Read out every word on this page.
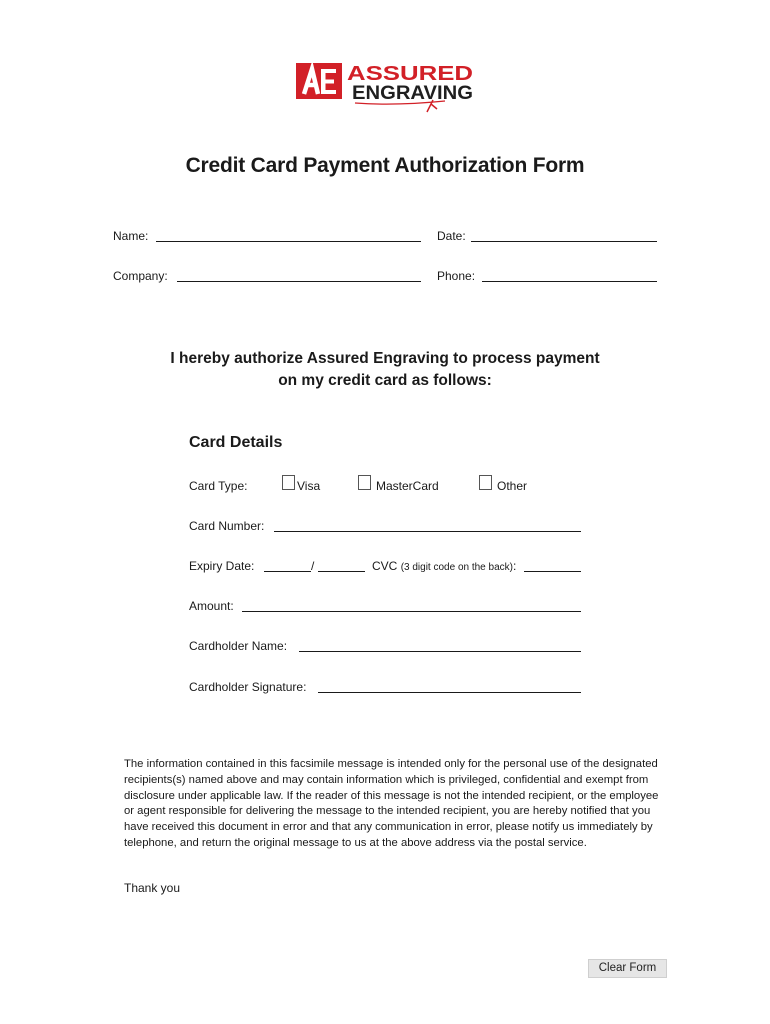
ASSURED
ENGRAVING
Credit Card Payment Authorization Form
Name:	Date:
Company:	Phone:
I hereby authorize Assured Engraving to process payment
on my credit card as follows:
Card Details
Card Type:	Visa	MasterCard	Other
Card Number:
Expiry Date:	/	CVC (3 digit code on the back):
Amount:
Cardholder Name:
Cardholder Signature:
The information contained in this facsimile message is intended only for the personal use of the designated recipients(s) named above and may contain information which is privileged, confidential and exempt from disclosure under applicable law. If the reader of this message is not the intended recipient, or the employee or agent responsible for delivering the message to the intended recipient, you are hereby notified that you have received this document in error and that any communication in error, please notify us immediately by telephone, and return the original message to us at the above address via the postal service.
Thank you
Clear Form
